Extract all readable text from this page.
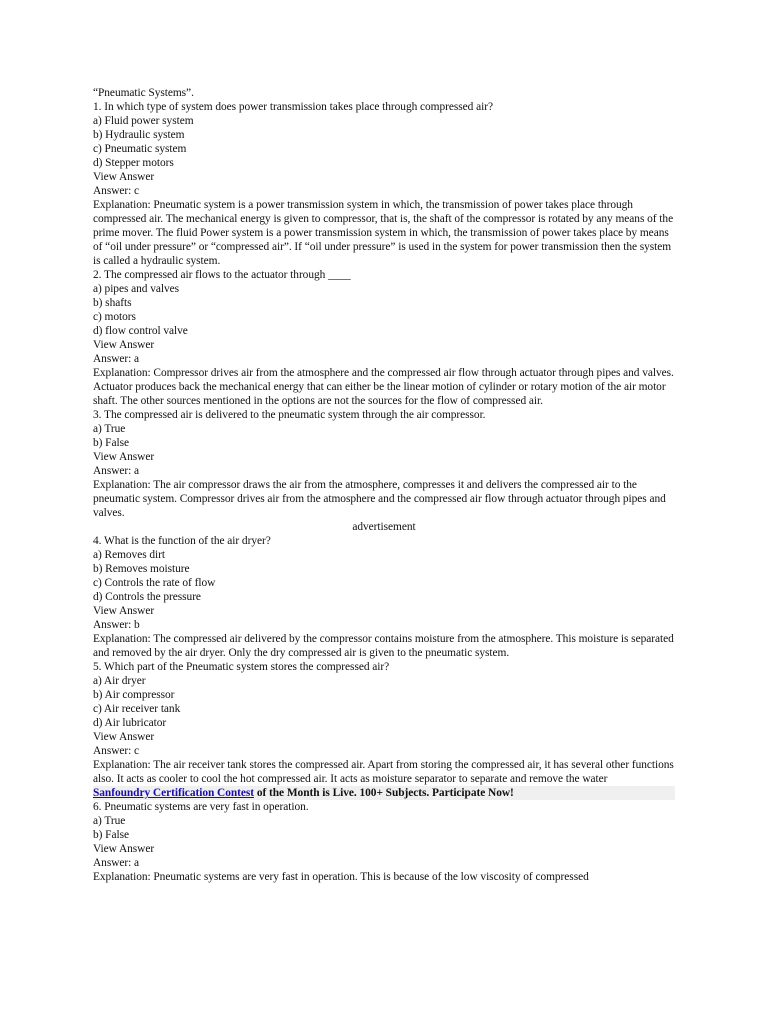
“Pneumatic Systems”.
1. In which type of system does power transmission takes place through compressed air?
a) Fluid power system
b) Hydraulic system
c) Pneumatic system
d) Stepper motors
View Answer
Answer: c

Explanation: Pneumatic system is a power transmission system in which, the transmission of power takes place through compressed air. The mechanical energy is given to compressor, that is, the shaft of the compressor is rotated by any means of the prime mover. The fluid Power system is a power transmission system in which, the transmission of power takes place by means of “oil under pressure” or “compressed air”. If “oil under pressure” is used in the system for power transmission then the system is called a hydraulic system.

2. The compressed air flows to the actuator through ____
a) pipes and valves
b) shafts
c) motors
d) flow control valve
View Answer
Answer: a

Explanation: Compressor drives air from the atmosphere and the compressed air flow through actuator through pipes and valves. Actuator produces back the mechanical energy that can either be the linear motion of cylinder or rotary motion of the air motor shaft. The other sources mentioned in the options are not the sources for the flow of compressed air.

3. The compressed air is delivered to the pneumatic system through the air compressor.
a) True
b) False
View Answer
Answer: a

Explanation: The air compressor draws the air from the atmosphere, compresses it and delivers the compressed air to the pneumatic system. Compressor drives air from the atmosphere and the compressed air flow through actuator through pipes and valves.

advertisement
4. What is the function of the air dryer?
a) Removes dirt
b) Removes moisture
c) Controls the rate of flow
d) Controls the pressure
View Answer
Answer: b

Explanation: The compressed air delivered by the compressor contains moisture from the atmosphere. This moisture is separated and removed by the air dryer. Only the dry compressed air is given to the pneumatic system.

5. Which part of the Pneumatic system stores the compressed air?
a) Air dryer
b) Air compressor
c) Air receiver tank
d) Air lubricator
View Answer
Answer: c

Explanation: The air receiver tank stores the compressed air. Apart from storing the compressed air, it has several other functions also. It acts as cooler to cool the hot compressed air. It acts as moisture separator to separate and remove the water

Sanfoundry Certification Contest of the Month is Live. 100+ Subjects. Participate Now!
6. Pneumatic systems are very fast in operation.
a) True
b) False
View Answer
Answer: a

Explanation: Pneumatic systems are very fast in operation. This is because of the low viscosity of compressed
